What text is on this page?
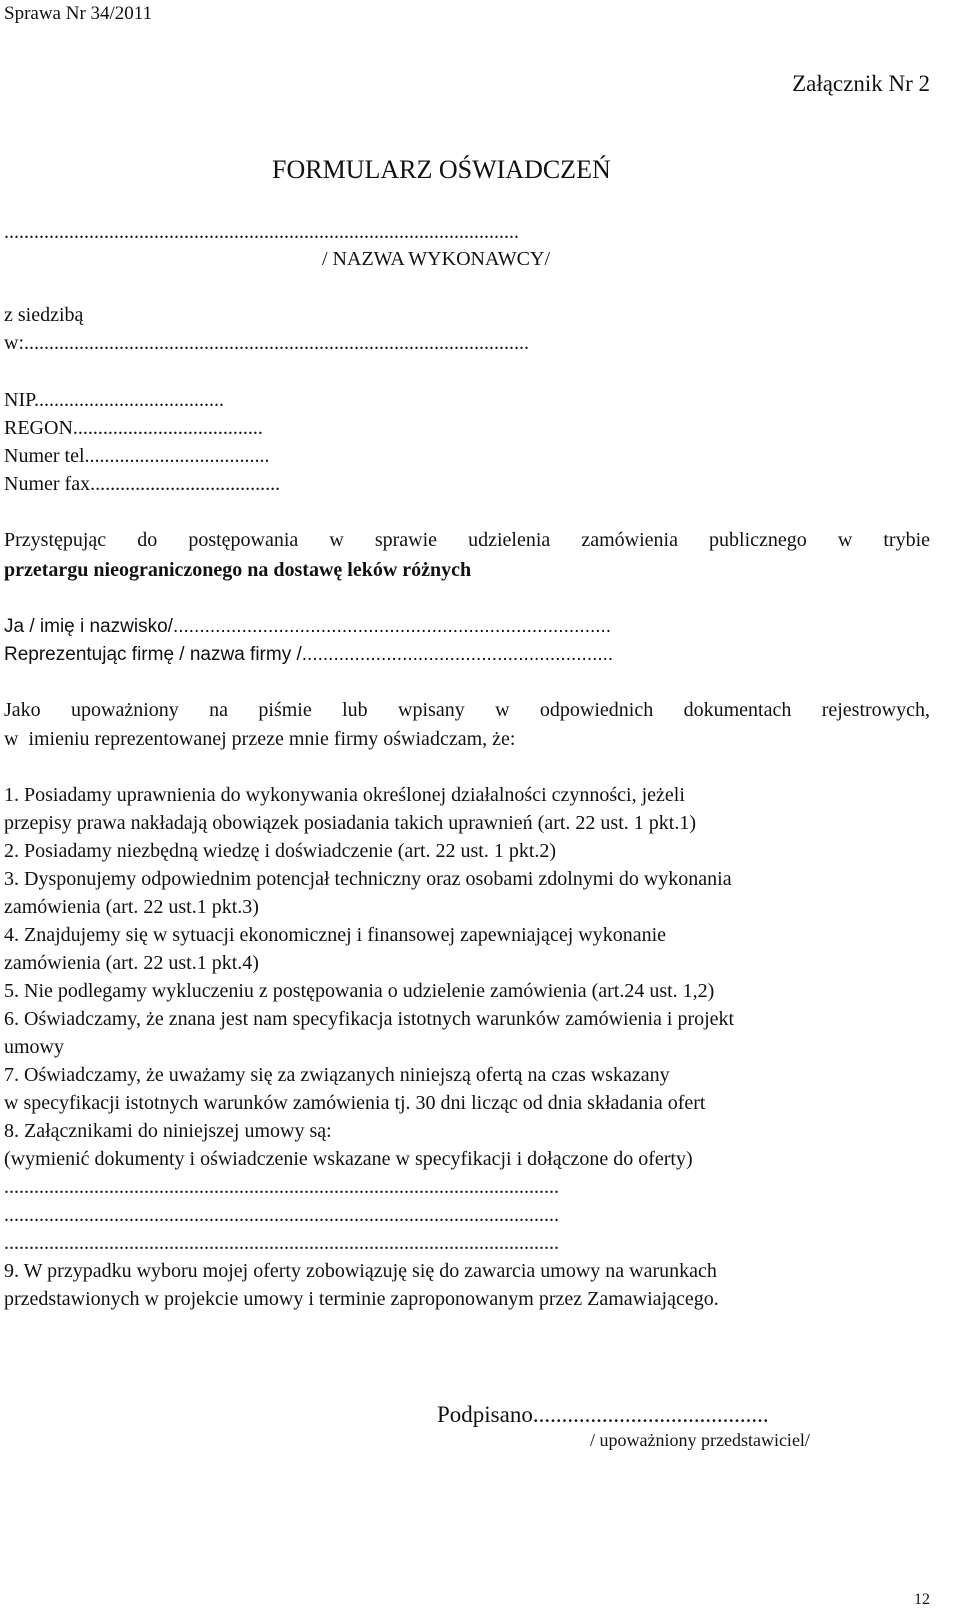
Sprawa Nr 34/2011
Załącznik Nr 2
FORMULARZ OŚWIADCZEŃ
.......................................................................................................
/ NAZWA WYKONAWCY/
z siedzibą
w:.....................................................................................................
NIP......................................
REGON......................................
Numer tel.....................................
Numer fax......................................
Przystępując do postępowania w sprawie udzielenia zamówienia publicznego w trybie
przetargu nieograniczonego na dostawę leków różnych
Ja / imię i nazwisko/...................................................................................
Reprezentując firmę / nazwa firmy /...........................................................
Jako upoważniony na piśmie lub wpisany w odpowiednich dokumentach rejestrowych,
w  imieniu reprezentowanej przeze mnie firmy oświadczam, że:
1. Posiadamy uprawnienia do wykonywania określonej działalności czynności, jeżeli
przepisy prawa nakładają obowiązek posiadania takich uprawnień (art. 22 ust. 1 pkt.1)
2. Posiadamy niezbędną wiedzę i doświadczenie (art. 22 ust. 1 pkt.2)
3. Dysponujemy odpowiednim potencjał techniczny oraz osobami zdolnymi do wykonania
zamówienia (art. 22 ust.1 pkt.3)
4. Znajdujemy się w sytuacji ekonomicznej i finansowej zapewniającej wykonanie
zamówienia (art. 22 ust.1 pkt.4)
5. Nie podlegamy wykluczeniu z postępowania o udzielenie zamówienia (art.24 ust. 1,2)
6. Oświadczamy, że znana jest nam specyfikacja istotnych warunków zamówienia i projekt
umowy
7. Oświadczamy, że uważamy się za związanych niniejszą ofertą na czas wskazany
w specyfikacji istotnych warunków zamówienia tj. 30 dni licząc od dnia składania ofert
8. Załącznikami do niniejszej umowy są:
(wymienić dokumenty i oświadczenie wskazane w specyfikacji i dołączone do oferty)
...............................................................................................................
...............................................................................................................
...............................................................................................................
9. W przypadku wyboru mojej oferty zobowiązuję się do zawarcia umowy na warunkach
przedstawionych w projekcie umowy i terminie zaproponowanym przez Zamawiającego.
Podpisano.........................................
/ upoważniony przedstawiciel/
12
